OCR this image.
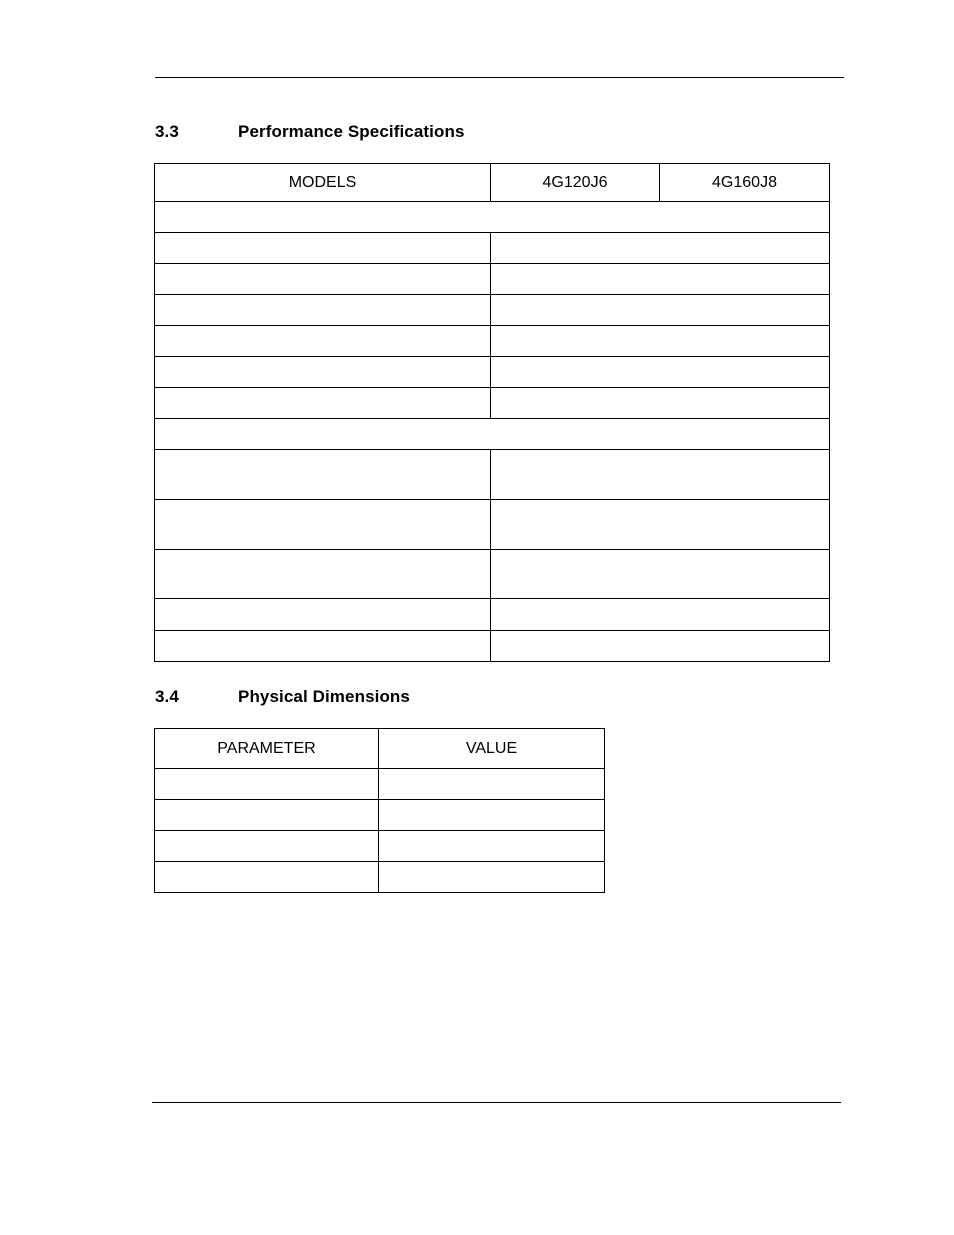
3.3	Performance Specifications
MODELS	4G120J6	4G160J8

3.4	Physical Dimensions
PARAMETER	VALUE
